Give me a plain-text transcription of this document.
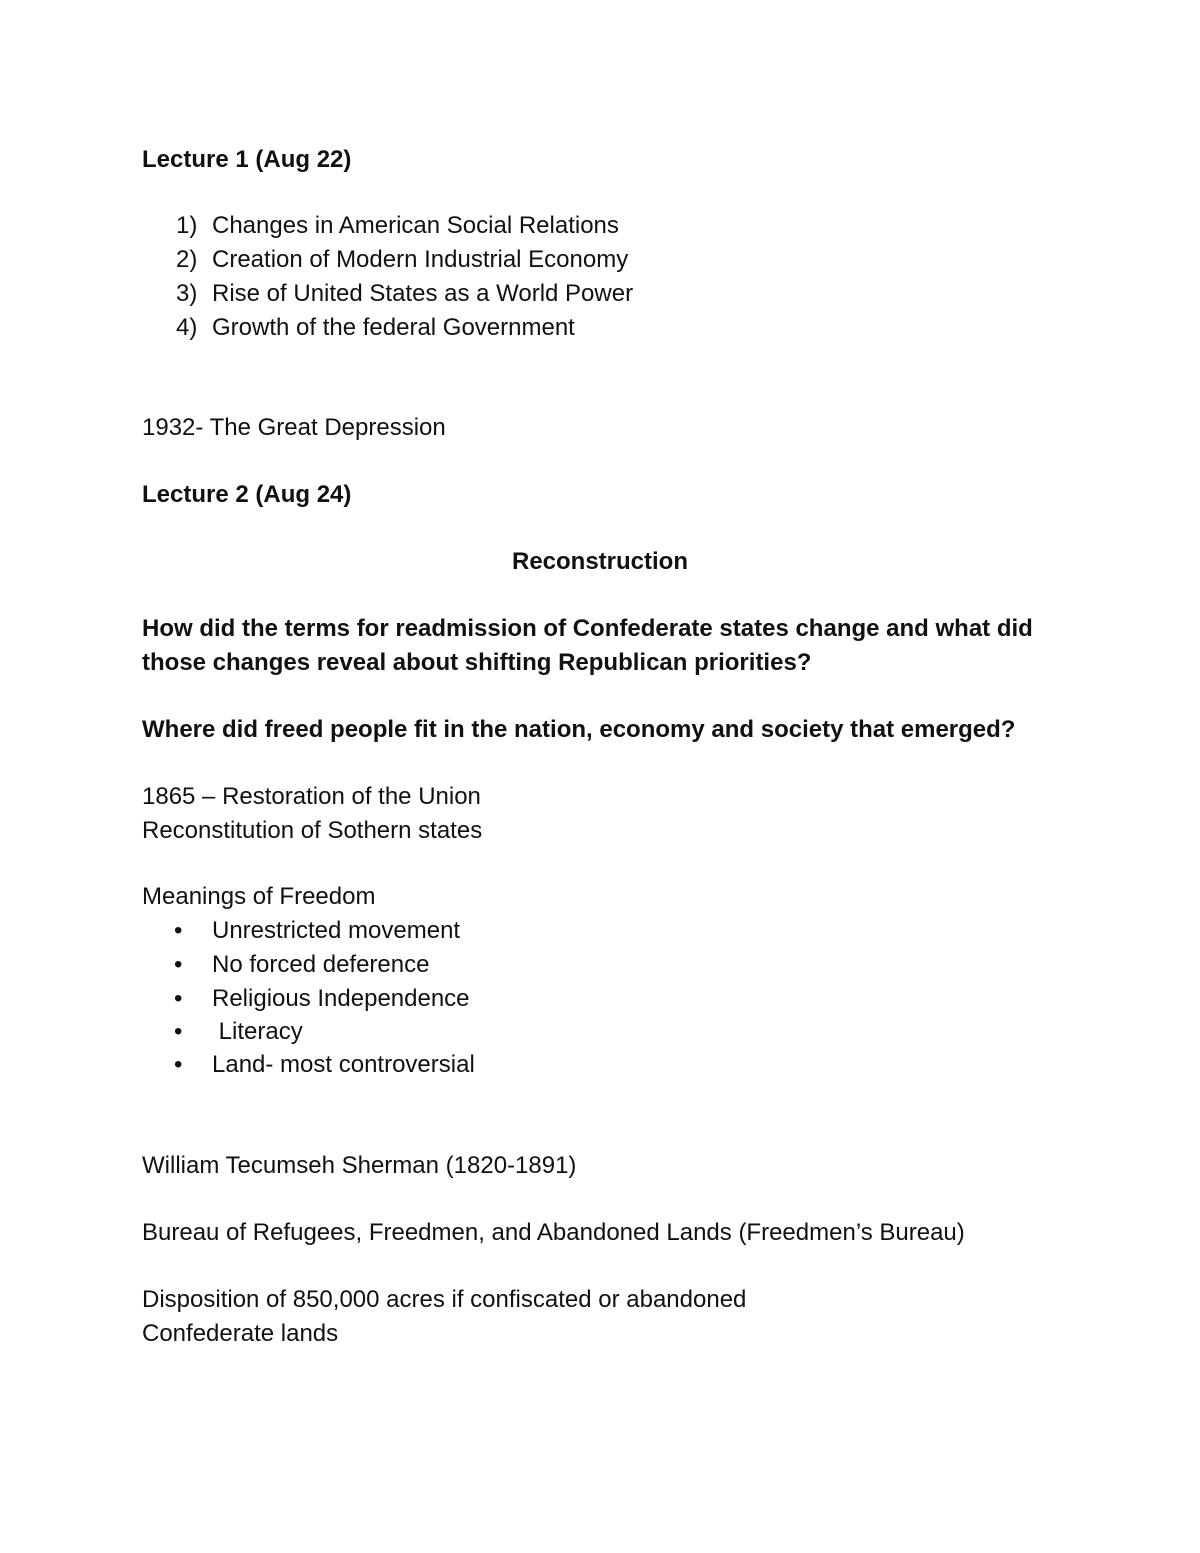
Lecture 1 (Aug 22)

1) Changes in American Social Relations
2) Creation of Modern Industrial Economy
3) Rise of United States as a World Power
4) Growth of the federal Government

1932- The Great Depression

Lecture 2 (Aug 24)

Reconstruction

How did the terms for readmission of Confederate states change and what did

those changes reveal about shifting Republican priorities?

Where did freed people fit in the nation, economy and society that emerged?

1865 – Restoration of the Union

Reconstitution of Sothern states

Meanings of Freedom

• Unrestricted movement
• No forced deference
• Religious Independence
• Literacy
• Land- most controversial

William Tecumseh Sherman (1820-1891)

Bureau of Refugees, Freedmen, and Abandoned Lands (Freedmen’s Bureau)

Disposition of 850,000 acres if confiscated or abandoned

Confederate lands
